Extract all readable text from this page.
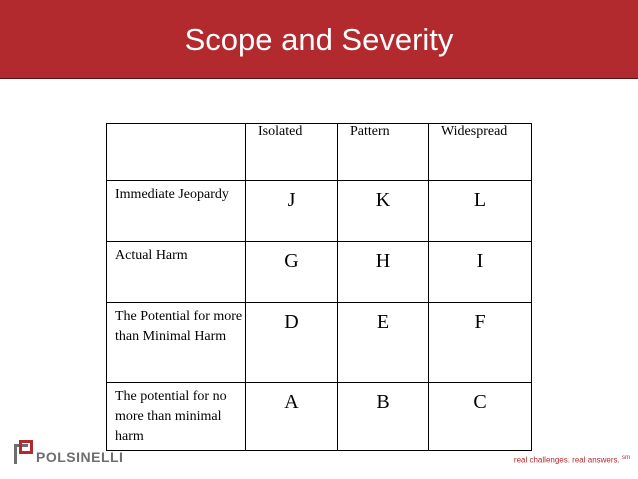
Scope and Severity

	Isolated	Pattern	Widespread

Immediate Jeopardy	J	K	L

Actual Harm	G	H	I

The Potential for more than Minimal Harm	D	E	F

The potential for no more than minimal harm	A	B	C
POLSINELLI	real challenges. real answers. $^{sm}$
